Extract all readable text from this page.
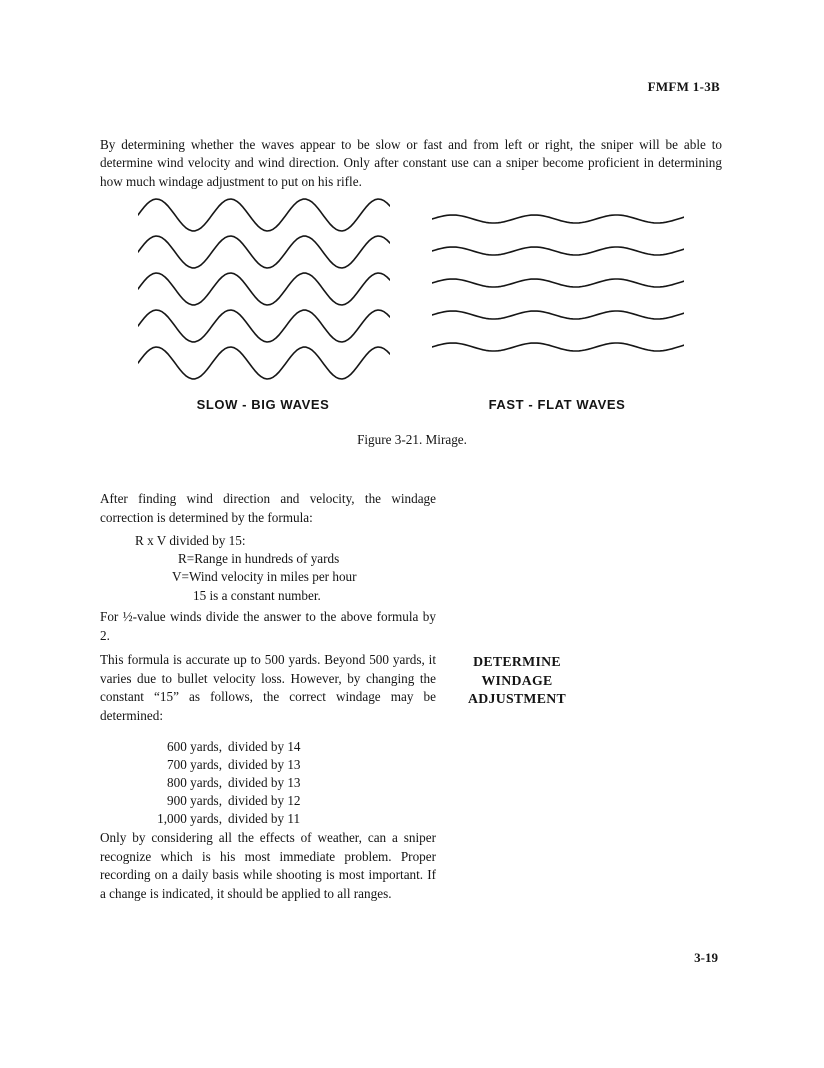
FMFM 1-3B
By determining whether the waves appear to be slow or fast and from left or right, the sniper will be able to determine wind velocity and wind direction. Only after constant use can a sniper become proficient in determining how much windage adjustment to put on his rifle.
SLOW - BIG WAVES	FAST - FLAT WAVES
Figure 3-21. Mirage.
After finding wind direction and velocity, the windage correction is determined by the formula:
R x V divided by 15:
R=Range in hundreds of yards
V=Wind velocity in miles per hour
15 is a constant number.
For ½-value winds divide the answer to the above formula by 2.
This formula is accurate up to 500 yards. Beyond 500 yards, it varies due to bullet velocity loss. However, by changing the constant “15” as follows, the correct windage may be determined:
DETERMINE
WINDAGE
ADJUSTMENT
600 yards, divided by 14
700 yards, divided by 13
800 yards, divided by 13
900 yards, divided by 12
1,000 yards, divided by 11
Only by considering all the effects of weather, can a sniper recognize which is his most immediate problem. Proper recording on a daily basis while shooting is most important. If a change is indicated, it should be applied to all ranges.
3-19
